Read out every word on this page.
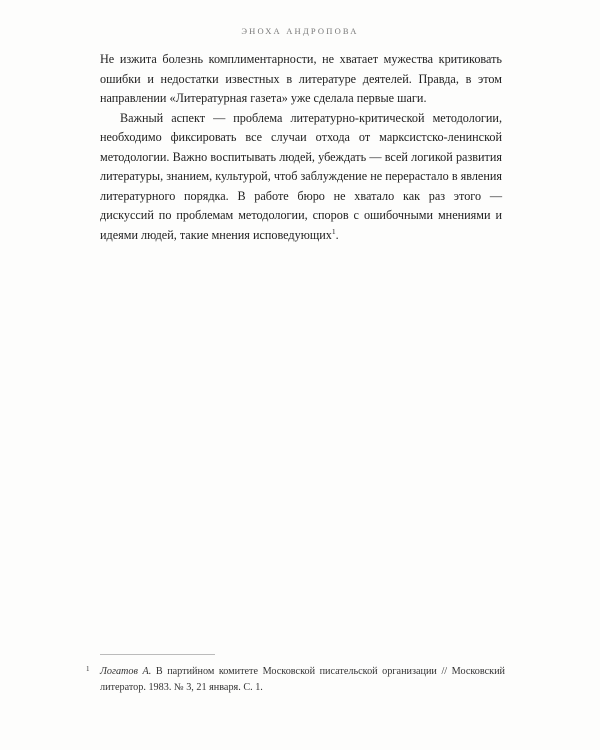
ЭНОХА АНДРОПОВА

Не изжита болезнь комплиментарности, не хватает мужества критиковать ошибки и недостатки известных в литературе деятелей. Правда, в этом направлении «Литературная газета» уже сделала первые шаги.

Важный аспект — проблема литературно-критической методологии, необходимо фиксировать все случаи отхода от марксистско-ленинской методологии. Важно воспитывать людей, убеждать — всей логикой развития литературы, знанием, культурой, чтоб заблуждение не перерастало в явления литературного порядка. В работе бюро не хватало как раз этого — дискуссий по проблемам методологии, споров с ошибочными мнениями и идеями людей, такие мнения исповедующих$^1$.

1 Логатов А. В партийном комитете Московской писательской организации // Московский литератор. 1983. № 3, 21 января. С. 1.
